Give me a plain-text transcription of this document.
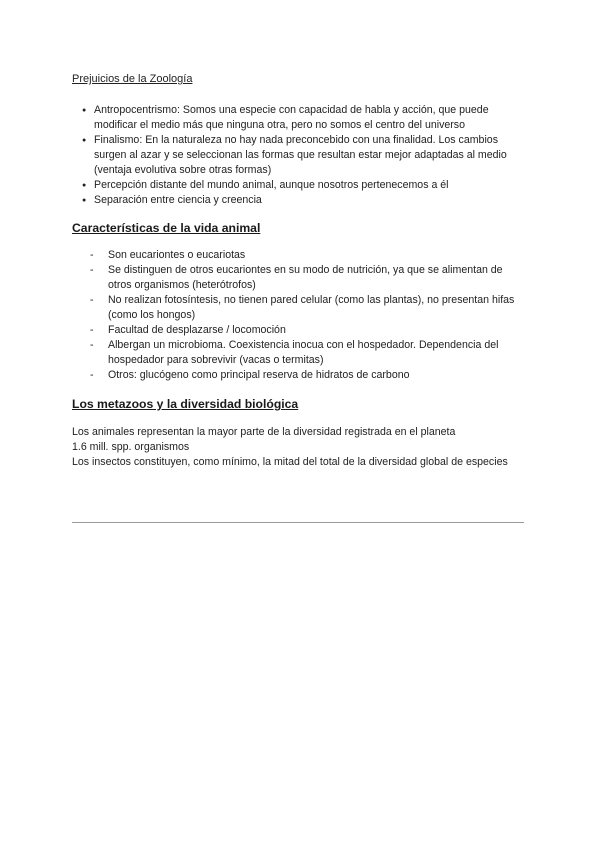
Prejuicios de la Zoología
● Antropocentrismo: Somos una especie con capacidad de habla y acción, que puede modificar el medio más que ninguna otra, pero no somos el centro del universo
● Finalismo: En la naturaleza no hay nada preconcebido con una finalidad. Los cambios surgen al azar y se seleccionan las formas que resultan estar mejor adaptadas al medio (ventaja evolutiva sobre otras formas)
● Percepción distante del mundo animal, aunque nosotros pertenecemos a él
● Separación entre ciencia y creencia
Características de la vida animal
- Son eucariontes o eucariotas
- Se distinguen de otros eucariontes en su modo de nutrición, ya que se alimentan de otros organismos (heterótrofos)
- No realizan fotosíntesis, no tienen pared celular (como las plantas), no presentan hifas (como los hongos)
- Facultad de desplazarse / locomoción
- Albergan un microbioma. Coexistencia inocua con el hospedador. Dependencia del hospedador para sobrevivir (vacas o termitas)
- Otros: glucógeno como principal reserva de hidratos de carbono
Los metazoos y la diversidad biológica

Los animales representan la mayor parte de la diversidad registrada en el planeta

1.6 mill. spp. organismos

Los insectos constituyen, como mínimo, la mitad del total de la diversidad global de especies
